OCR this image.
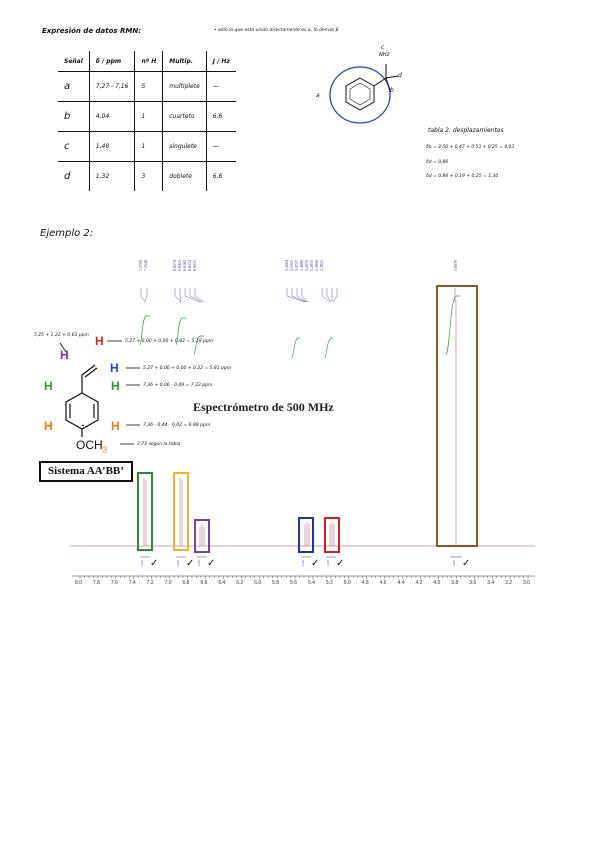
Expresión de datos RMN:	• este lo que está unido directamente es α, lo demás β
Señal	δ / ppm	nº H	Multip.	J / Hz
a	7,27 - 7,16	5	multiplete	—
b	4,04	1	cuarteto	6,6
c	1,48	1	singulete	—
d	1,32	3	doblete	6,6
c
NH2
d
b
a
tabla 2: desplazamientos
δb = 2'50 + 0,47 + 0'53 + 0'25 = 4,03
δd = 0,86
δd = 0,86 + 0,19 + 0,25 = 1,30
Ejemplo 2:
7.2709 7.2540	6.8574 6.8425 6.6162 6.6212 6.6015	5.5664 5.5321 5.4757 5.4686 5.2070 5.2035 5.1856 5.1831	3.8076
2.00	2.00	1.00	1.00	1.00	3.00
✓	✓ ✓	✓ ✓	✓
8.0 7.8 7.6 7.4 7.2 7.0 6.8 6.6 6.4 6.2 6.0 5.8 5.6 5.4 5.2 5.0 4.8 4.6 4.4 4.2 4.0 3.8 3.6 3.4 3.2 3.0
Espectrómetro de 500 MHz
Sistema AA’BB’
H
H
H
H	H
H	H
$OCH_3$
5,25 + 1,22 + 0,63 ppm
5,27 + 0,00 + 0,00 + 0,02 = 5,18 ppm
5,27 + 0,00 + 0,00 + 0,32 = 5,81 ppm
7,36 + 0,06 - 0,09 = 7,33 ppm
7,36 - 0,44 - 0,02 = 6,88 ppm
3,73 según la tabla
